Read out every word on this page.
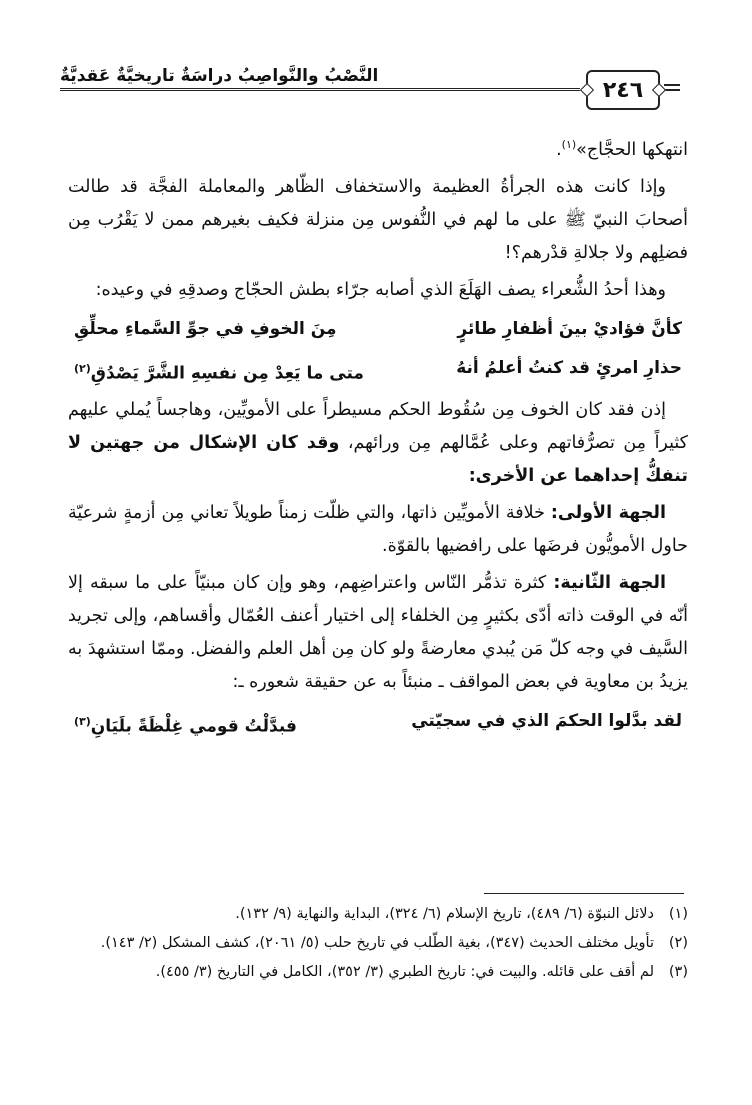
٢٤٦
النَّصْبُ والنَّواصِبُ دراسَةٌ تاريخيَّةٌ عَقديَّةٌ

انتهكها الحجَّاج»$^{(١)}$.

وإذا كانت هذه الجرأةُ العظيمة والاستخفاف الظّاهر والمعاملة الفجَّة قد طالت أصحابَ النبيّ ﷺ على ما لهم في النُّفوس مِن منزلة فكيف بغيرهم ممن لا يَقْرُب مِن فضلِهم ولا جلالةِ قدْرهم؟!

وهذا أحدُ الشُّعراء يصف الهَلَعَ الذي أصابه جرّاء بطش الحجّاج وصدقِهِ في وعيده:

كأنَّ فؤاديْ بينَ أظفارِ طائرٍ
مِنَ الخوفِ في جوِّ السَّماءِ محلِّقِ
حذارِ امرئٍ قد كنتُ أعلمُ أنهُ
متى ما يَعِدْ مِن نفسِهِ الشَّرَّ يَصْدُقِ$^{(٢)}$

إذن فقد كان الخوف مِن سُقُوط الحكم مسيطراً على الأمويِّين، وهاجساً يُملي عليهم كثيراً مِن تصرُّفاتهم وعلى عُمَّالهم مِن ورائهم، وقد كان الإشكال من جهتين لا تنفكُّ إحداهما عن الأخرى:

الجهة الأولى: خلافة الأمويِّين ذاتها، والتي ظلّت زمناً طويلاً تعاني مِن أزمةٍ شرعيّة حاول الأمويُّون فرضَها على رافضيها بالقوّة.

الجهة الثّانية: كثرة تذمُّر النّاس واعتراضِهم، وهو وإن كان مبنيّاً على ما سبقه إلا أنّه في الوقت ذاته أدّى بكثيرٍ مِن الخلفاء إلى اختيار أعنف العُمّال وأقساهم، وإلى تجريد السَّيف في وجه كلّ مَن يُبدي معارضةً ولو كان مِن أهل العلم والفضل. وممّا استشهدَ به يزيدُ بن معاوية في بعض المواقف ـ منبئاً به عن حقيقة شعوره ـ:

لقد بدَّلوا الحكمَ الذي في سجيّتي
فبدَّلْتُ قومي غِلْظَةً بلَيَانِ$^{(٣)}$
(١)
دلائل النبوّة (٦/ ٤٨٩)، تاريخ الإسلام (٦/ ٣٢٤)، البداية والنهاية (٩/ ١٣٢).
(٢)
تأويل مختلف الحديث (٣٤٧)، بغية الطّلب في تاريخ حلب (٥/ ٢٠٦١)، كشف المشكل (٢/ ١٤٣).
(٣)
لم أقف على قائله. والبيت في: تاريخ الطبري (٣/ ٣٥٢)، الكامل في التاريخ (٣/ ٤٥٥).
